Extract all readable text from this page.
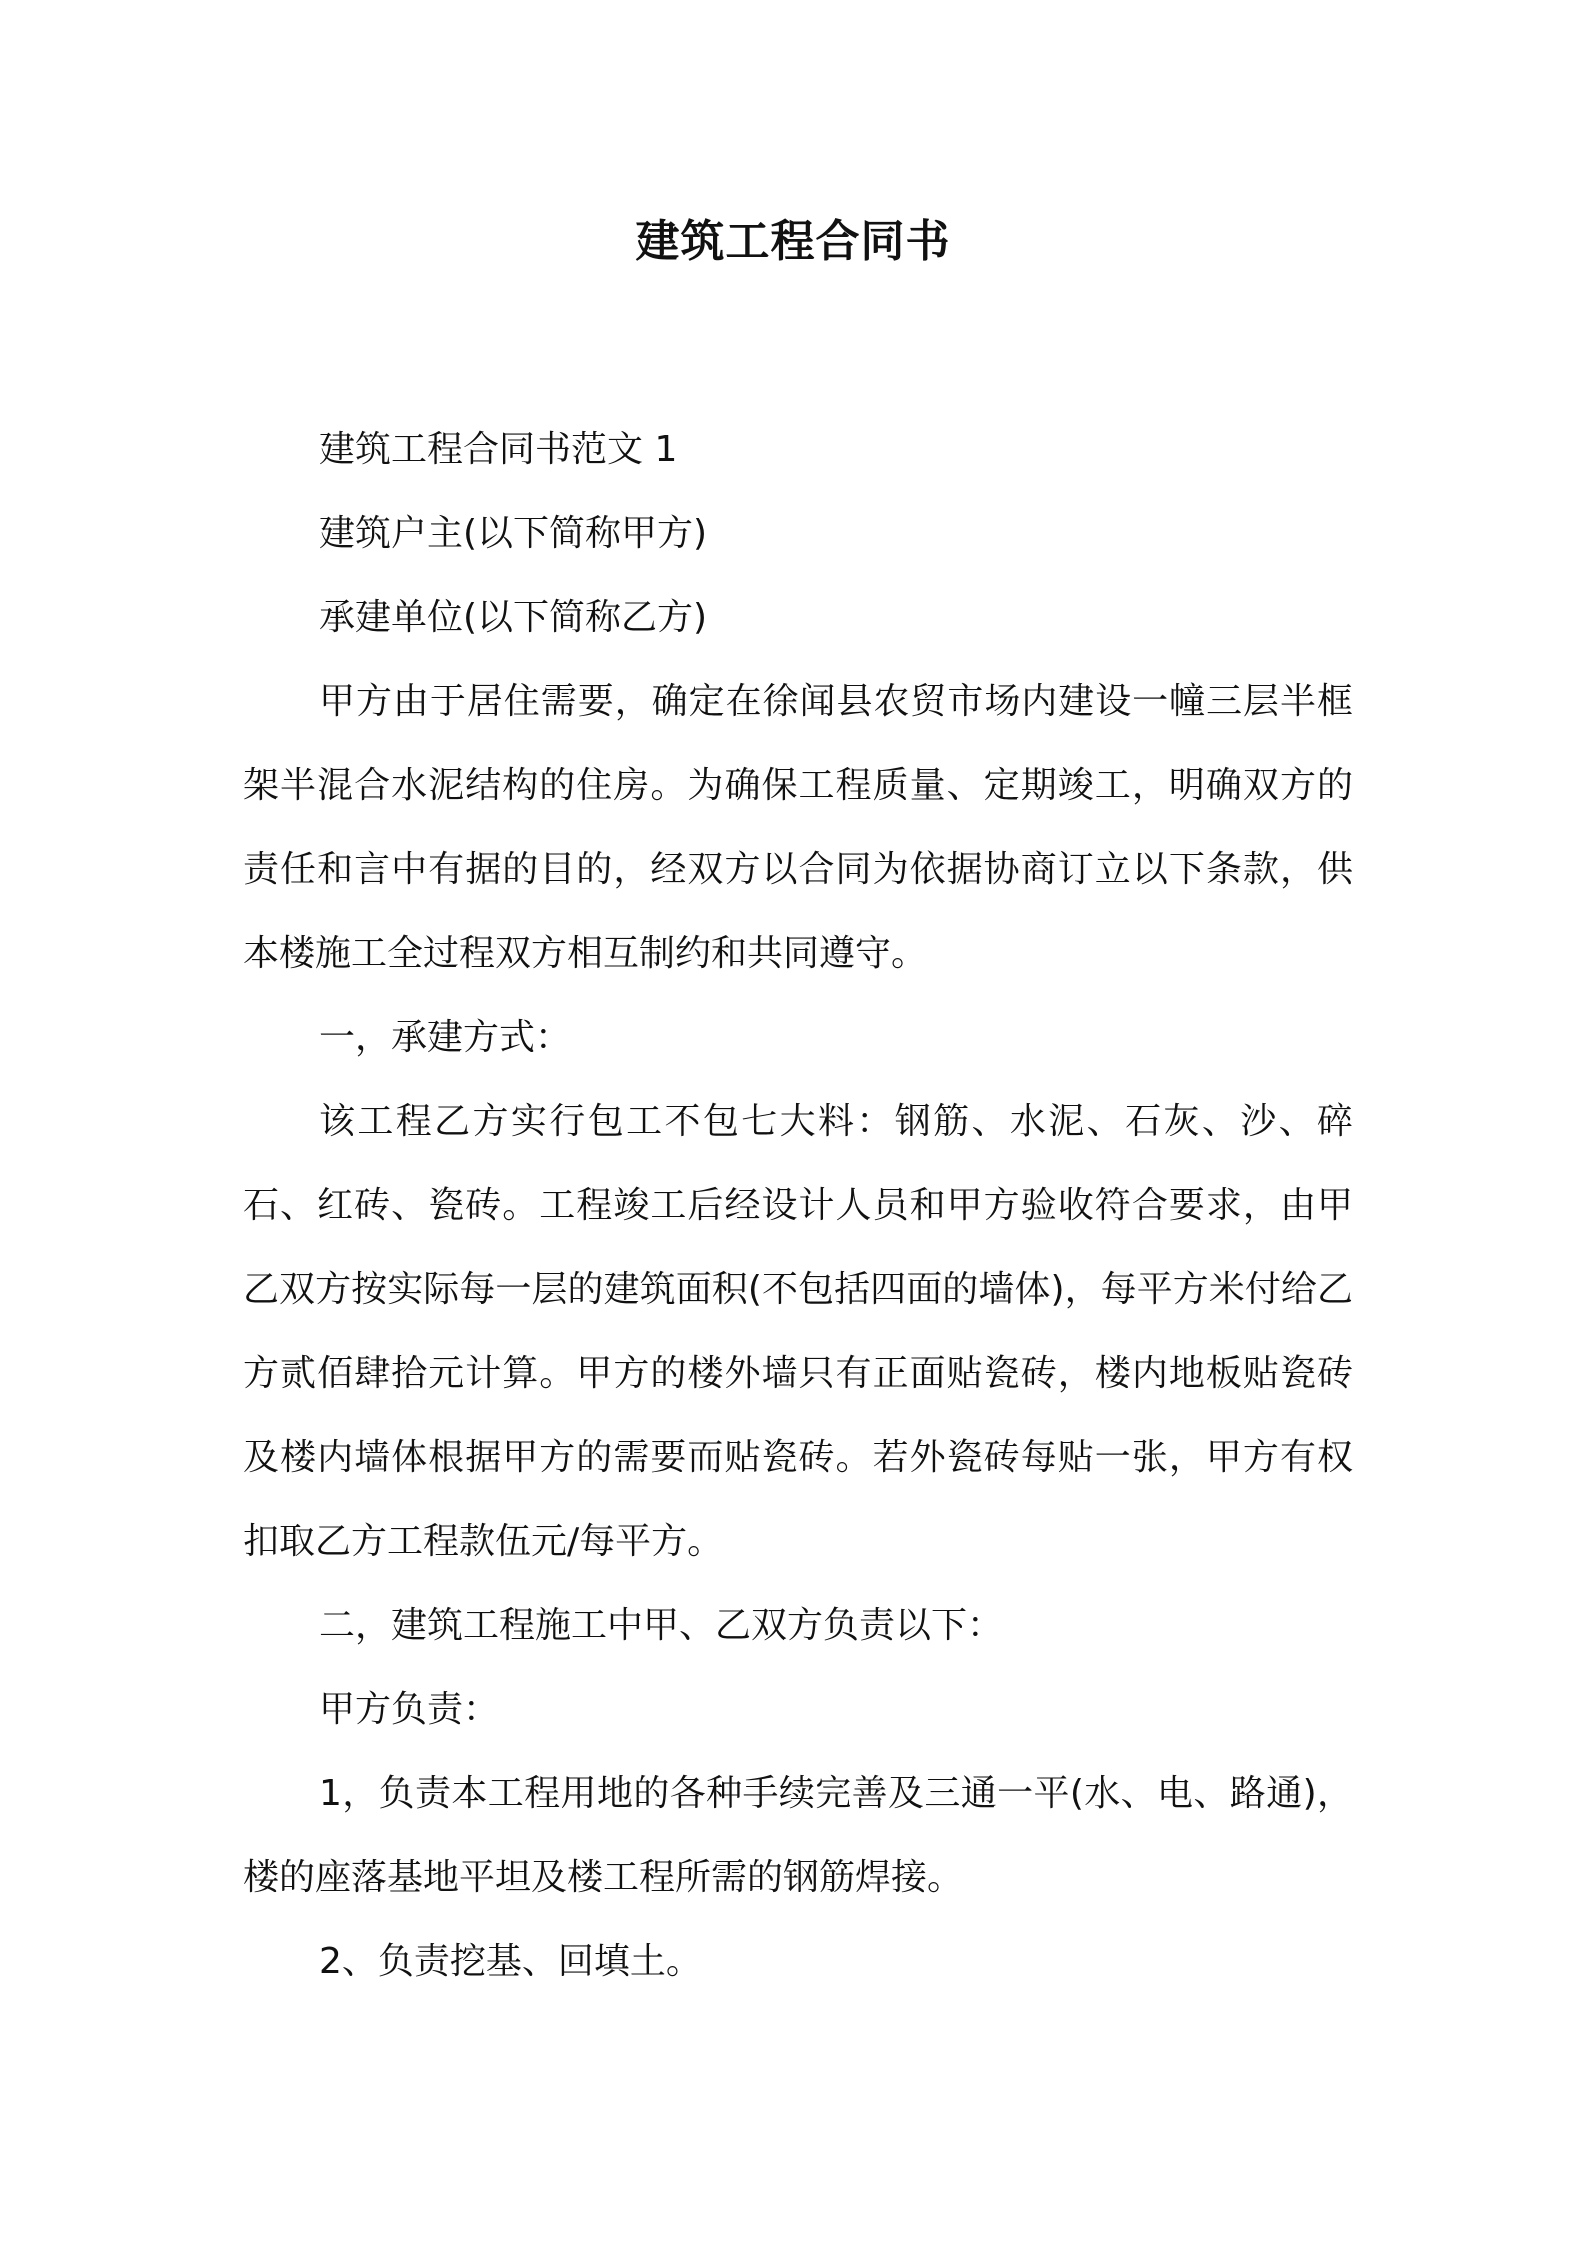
建筑工程合同书

建筑工程合同书范文 1

建筑户主(以下简称甲方)

承建单位(以下简称乙方)

甲方由于居住需要，确定在徐闻县农贸市场内建设一幢三层半框架半混合水泥结构的住房。为确保工程质量、定期竣工，明确双方的责任和言中有据的目的，经双方以合同为依据协商订立以下条款，供本楼施工全过程双方相互制约和共同遵守。

一，承建方式：

该工程乙方实行包工不包七大料：钢筋、水泥、石灰、沙、碎石、红砖、瓷砖。工程竣工后经设计人员和甲方验收符合要求，由甲乙双方按实际每一层的建筑面积(不包括四面的墙体)，每平方米付给乙方贰佰肆拾元计算。甲方的楼外墙只有正面贴瓷砖，楼内地板贴瓷砖及楼内墙体根据甲方的需要而贴瓷砖。若外瓷砖每贴一张，甲方有权扣取乙方工程款伍元/每平方。

二，建筑工程施工中甲、乙双方负责以下：

甲方负责：

1，负责本工程用地的各种手续完善及三通一平(水、电、路通)，楼的座落基地平坦及楼工程所需的钢筋焊接。

2、负责挖基、回填土。
